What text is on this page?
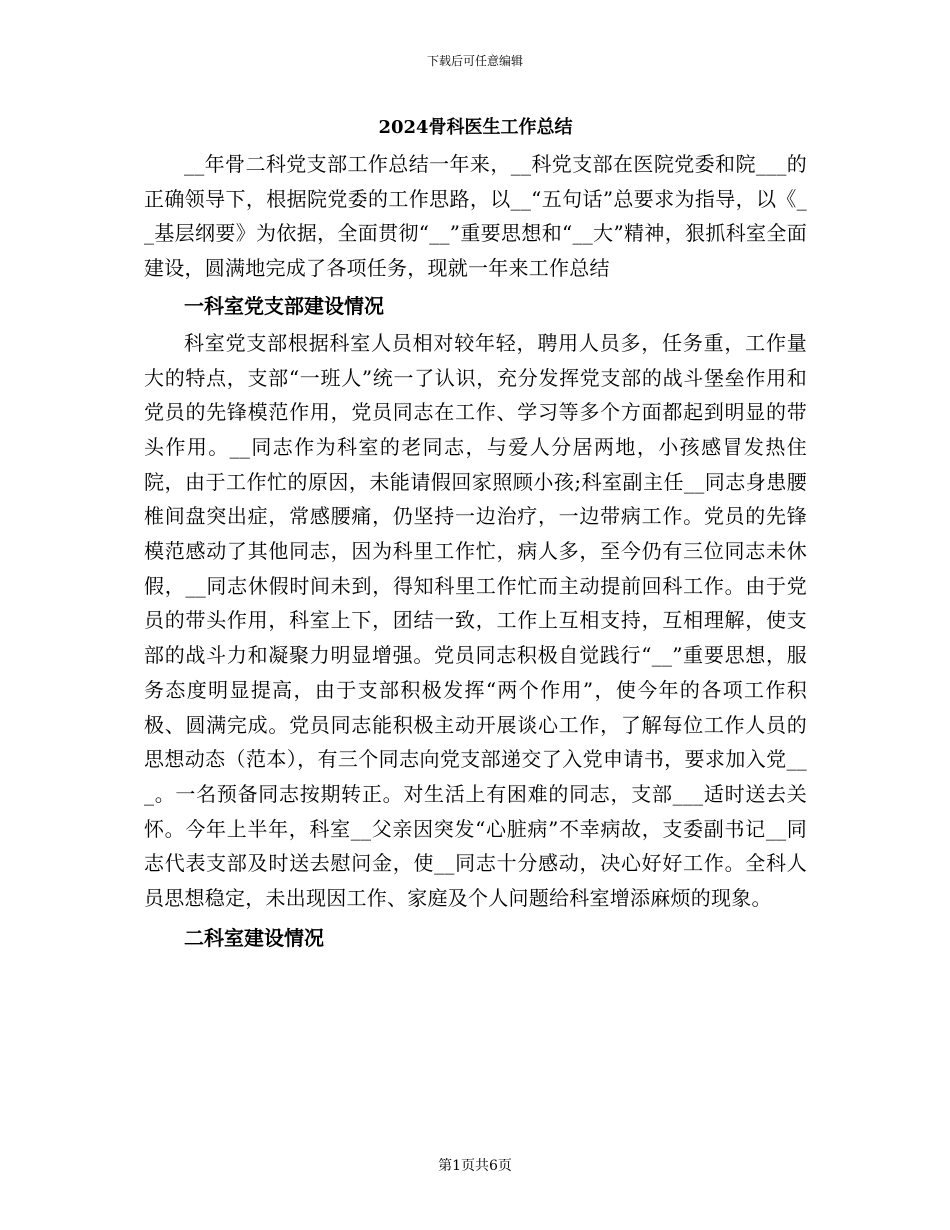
下载后可任意编辑
2024骨科医生工作总结

__年骨二科党支部工作总结一年来，__科党支部在医院党委和院___的正确领导下，根据院党委的工作思路，以__“五句话”总要求为指导，以《__基层纲要》为依据，全面贯彻“__”重要思想和“__大”精神，狠抓科室全面建设，圆满地完成了各项任务，现就一年来工作总结

一科室党支部建设情况

科室党支部根据科室人员相对较年轻，聘用人员多，任务重，工作量大的特点，支部“一班人”统一了认识，充分发挥党支部的战斗堡垒作用和党员的先锋模范作用，党员同志在工作、学习等多个方面都起到明显的带头作用。__同志作为科室的老同志，与爱人分居两地，小孩感冒发热住院，由于工作忙的原因，未能请假回家照顾小孩;科室副主任__同志身患腰椎间盘突出症，常感腰痛，仍坚持一边治疗，一边带病工作。党员的先锋模范感动了其他同志，因为科里工作忙，病人多，至今仍有三位同志未休假，__同志休假时间未到，得知科里工作忙而主动提前回科工作。由于党员的带头作用，科室上下，团结一致，工作上互相支持，互相理解，使支部的战斗力和凝聚力明显增强。党员同志积极自觉践行“__”重要思想，服务态度明显提高，由于支部积极发挥“两个作用”，使今年的各项工作积极、圆满完成。党员同志能积极主动开展谈心工作，了解每位工作人员的思想动态（范本），有三个同志向党支部递交了入党申请书，要求加入党___。一名预备同志按期转正。对生活上有困难的同志，支部___适时送去关怀。今年上半年，科室__父亲因突发“心脏病”不幸病故，支委副书记__同志代表支部及时送去慰问金，使__同志十分感动，决心好好工作。全科人员思想稳定，未出现因工作、家庭及个人问题给科室增添麻烦的现象。

二科室建设情况
第1页共6页
